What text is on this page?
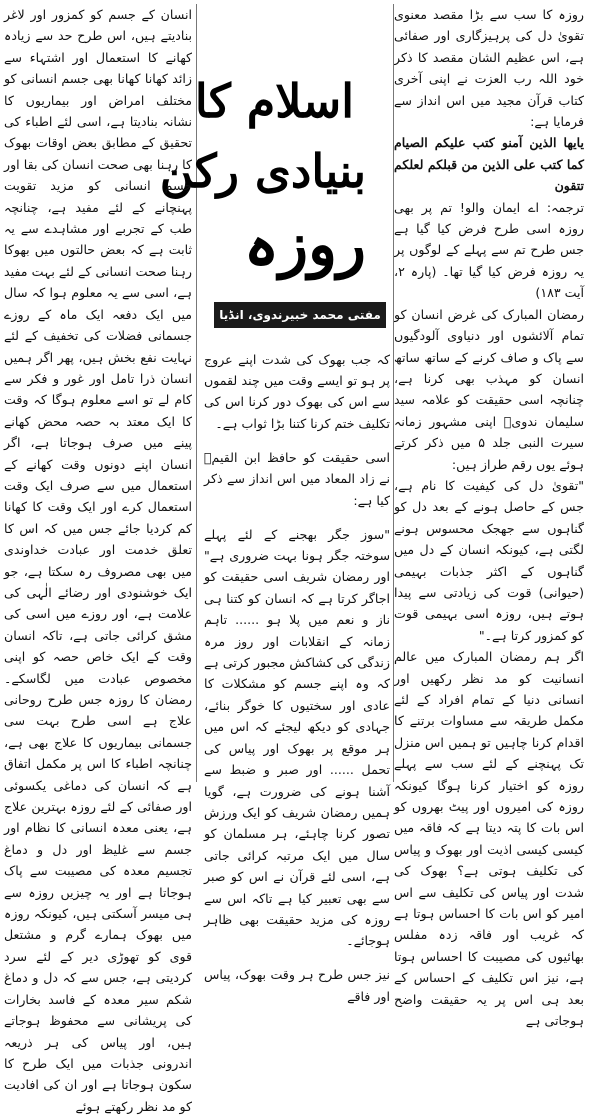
روزہ کا سب سے بڑا مقصد معنوی تقویٰ دل کی پرہیزگاری اور صفائی ہے، اس عظیم الشان مقصد کا ذکر خود اللہ رب العزت نے اپنی آخری کتاب قرآن مجید میں اس انداز سے فرمایا ہے:

یایھا الذین آمنو کتب علیکم الصیام کما کتب علی الذین من قبلکم لعلکم تتقون

ترجمہ: اے ایمان والو! تم پر بھی روزہ اسی طرح فرض کیا گیا ہے جس طرح تم سے پہلے کے لوگوں پر یہ روزہ فرض کیا گیا تھا۔ (پارہ ۲، آیت ۱۸۳)

رمضان المبارک کی غرض انسان کو تمام آلائشوں اور دنیاوی آلودگیوں سے پاک و صاف کرنے کے ساتھ ساتھ انسان کو مہذب بھی کرنا ہے، چنانچہ اسی حقیقت کو علامہ سید سلیمان ندویؒ اپنی مشہور زمانہ سیرت النبی جلد ۵ میں ذکر کرتے ہوئے یوں رقم طراز ہیں:

"تقویٰ دل کی کیفیت کا نام ہے، جس کے حاصل ہونے کے بعد دل کو گناہوں سے جھجک محسوس ہونے لگتی ہے، کیونکہ انسان کے دل میں گناہوں کے اکثر جذبات بہیمی (حیوانی) قوت کی زیادتی سے پیدا ہوتے ہیں، روزہ اسی بہیمی قوت کو کمزور کرتا ہے۔"

اگر ہم رمضان المبارک میں عالم انسانیت کو مد نظر رکھیں اور انسانی دنیا کے تمام افراد کے لئے مکمل طریقہ سے مساوات برتنے کا اقدام کرنا چاہیں تو ہمیں اس منزل تک پہنچنے کے لئے سب سے پہلے روزہ کو اختیار کرنا ہوگا کیونکہ روزہ کی امیروں اور پیٹ بھروں کو اس بات کا پتہ دیتا ہے کہ فاقہ میں کیسی کیسی اذیت اور بھوک و پیاس کی تکلیف ہوتی ہے؟ بھوک کی شدت اور پیاس کی تکلیف سے اس امیر کو اس بات کا احساس ہوتا ہے کہ غریب اور فاقہ زدہ مفلس بھائیوں کی مصیبت کا احساس ہوتا ہے، نیز اس تکلیف کے احساس کے بعد ہی اس پر یہ حقیقت واضح ہوجاتی ہے

اسلام کا
بنیادی رکن
روزہ
مفتی محمد خبیرندوی، انڈیا

کہ جب بھوک کی شدت اپنے عروج پر ہو تو ایسے وقت میں چند لقموں سے اس کی بھوک دور کرنا اس کی تکلیف ختم کرنا کتنا بڑا ثواب ہے۔

اسی حقیقت کو حافظ ابن القیمؒ نے زاد المعاد میں اس انداز سے ذکر کیا ہے:

"سوز جگر بھجنے کے لئے پہلے سوختہ جگر ہونا بہت ضروری ہے" اور رمضان شریف اسی حقیقت کو اجاگر کرتا ہے کہ انسان کو کتنا ہی ناز و نعم میں پلا ہو ...... تاہم زمانہ کے انقلابات اور روز مرہ زندگی کی کشاکش مجبور کرتی ہے کہ وہ اپنے جسم کو مشکلات کا عادی اور سختیوں کا خوگر بنائے، جہادی کو دیکھ لیجئے کہ اس میں ہر موقع پر بھوک اور پیاس کی تحمل ...... اور صبر و ضبط سے آشنا ہونے کی ضرورت ہے، گویا ہمیں رمضان شریف کو ایک ورزش تصور کرنا چاہئے، ہر مسلمان کو سال میں ایک مرتبہ کرائی جاتی ہے، اسی لئے قرآن نے اس کو صبر سے بھی تعبیر کیا ہے تاکہ اس سے روزہ کی مزید حقیقت بھی ظاہر ہوجائے۔

نیز جس طرح ہر وقت بھوک، پیاس اور فاقے

انسان کے جسم کو کمزور اور لاغر بنادیتے ہیں، اس طرح حد سے زیادہ کھانے کا استعمال اور اشتہاء سے زائد کھانا کھانا بھی جسم انسانی کو مختلف امراض اور بیماریوں کا نشانہ بنادیتا ہے، اسی لئے اطباء کی تحقیق کے مطابق بعض اوقات بھوک کا رہنا بھی صحت انسان کی بقا اور جسم انسانی کو مزید تقویت پہنچانے کے لئے مفید ہے، چنانچہ طب کے تجربے اور مشاہدے سے یہ ثابت ہے کہ بعض حالتوں میں بھوکا رہنا صحت انسانی کے لئے بہت مفید ہے، اسی سے یہ معلوم ہوا کہ سال میں ایک دفعہ ایک ماہ کے روزے جسمانی فضلات کی تخفیف کے لئے نہایت نفع بخش ہیں، پھر اگر ہمیں انسان ذرا تامل اور غور و فکر سے کام لے تو اسے معلوم ہوگا کہ وقت کا ایک معتد بہ حصہ محض کھانے پینے میں صرف ہوجاتا ہے، اگر انسان اپنے دونوں وقت کھانے کے استعمال میں سے صرف ایک وقت استعمال کرے اور ایک وقت کا کھانا کم کردیا جائے جس میں کہ اس کا تعلق خدمت اور عبادت خداوندی میں بھی مصروف رہ سکتا ہے، جو ایک خوشنودی اور رضائے الٰہی کی علامت ہے، اور روزے میں اسی کی مشق کرائی جاتی ہے، تاکہ انسان وقت کے ایک خاص حصہ کو اپنی مخصوص عبادت میں لگاسکے۔ رمضان کا روزہ جس طرح روحانی علاج ہے اسی طرح بہت سی جسمانی بیماریوں کا علاج بھی ہے، چنانچہ اطباء کا اس پر مکمل اتفاق ہے کہ انسان کی دماغی یکسوئی اور صفائی کے لئے روزہ بہترین علاج ہے، یعنی معدہ انسانی کا نظام اور جسم سے غلیظ اور دل و دماغ تجسیم معدہ کی مصیبت سے پاک ہوجاتا ہے اور یہ چیزیں روزہ سے ہی میسر آسکتی ہیں، کیونکہ روزہ میں بھوک ہمارے گرم و مشتعل قوی کو تھوڑی دیر کے لئے سرد کردیتی ہے، جس سے کہ دل و دماغ شکم سیر معدہ کے فاسد بخارات کی پریشانی سے محفوظ ہوجاتے ہیں، اور پیاس کی ہر ذریعہ اندرونی جذبات میں ایک طرح کا سکون ہوجاتا ہے اور ان کی افادیت کو مد نظر رکھتے ہوئے
